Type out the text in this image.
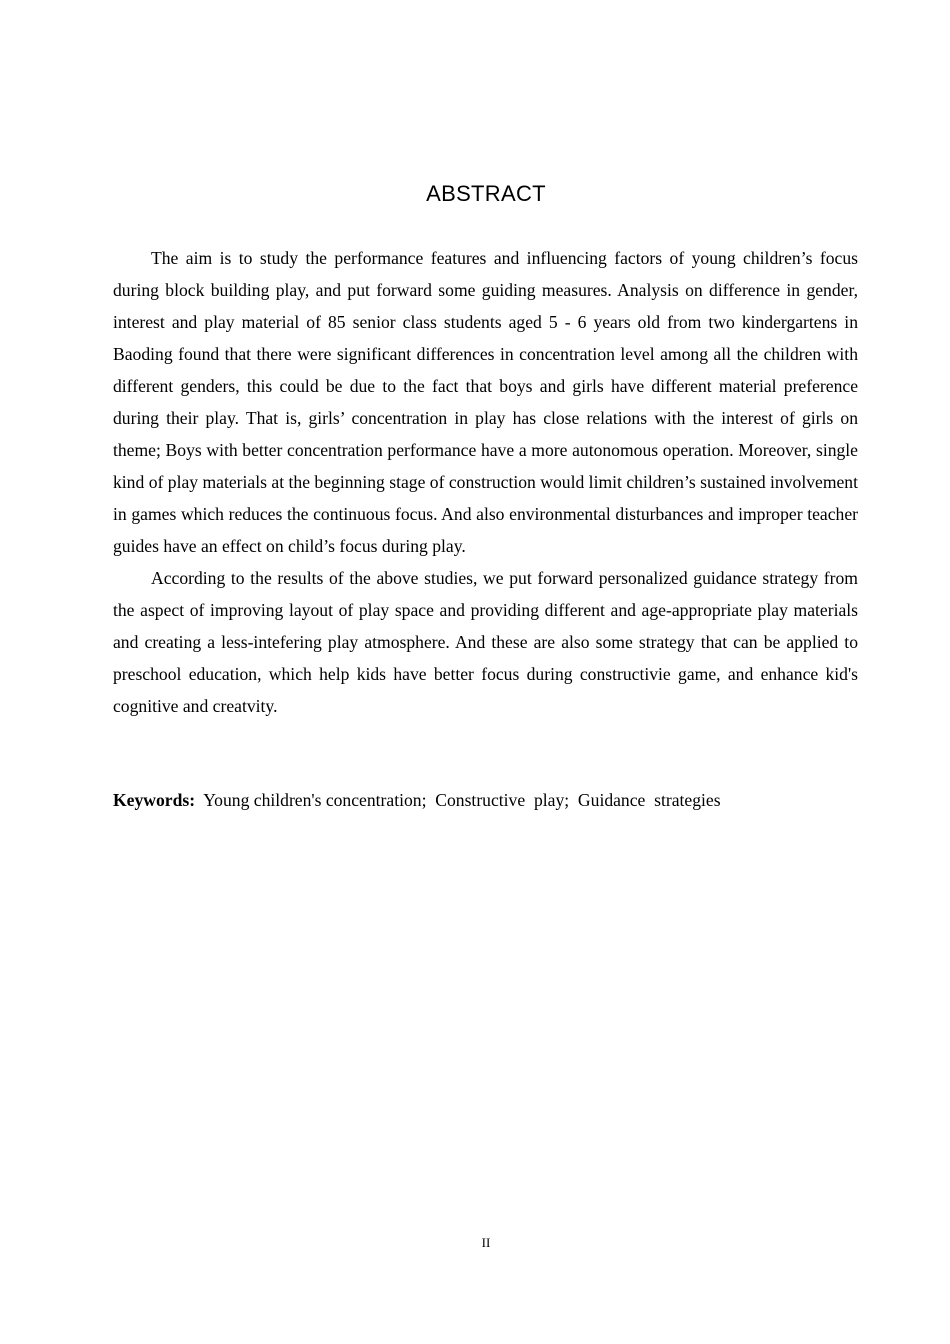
ABSTRACT

The aim is to study the performance features and influencing factors of young children’s focus during block building play, and put forward some guiding measures. Analysis on difference in gender, interest and play material of 85 senior class students aged 5 - 6 years old from two kindergartens in Baoding found that there were significant differences in concentration level among all the children with different genders, this could be due to the fact that boys and girls have different material preference during their play. That is, girls’ concentration in play has close relations with the interest of girls on theme; Boys with better concentration performance have a more autonomous operation. Moreover, single kind of play materials at the beginning stage of construction would limit children’s sustained involvement in games which reduces the continuous focus. And also environmental disturbances and improper teacher guides have an effect on child’s focus during play.

According to the results of the above studies, we put forward personalized guidance strategy from the aspect of improving layout of play space and providing different and age-appropriate play materials and creating a less-intefering play atmosphere. And these are also some strategy that can be applied to preschool education, which help kids have better focus during constructivie game, and enhance kid's cognitive and creatvity.

Keywords:  Young children's concentration;  Constructive  play;  Guidance  strategies
II
